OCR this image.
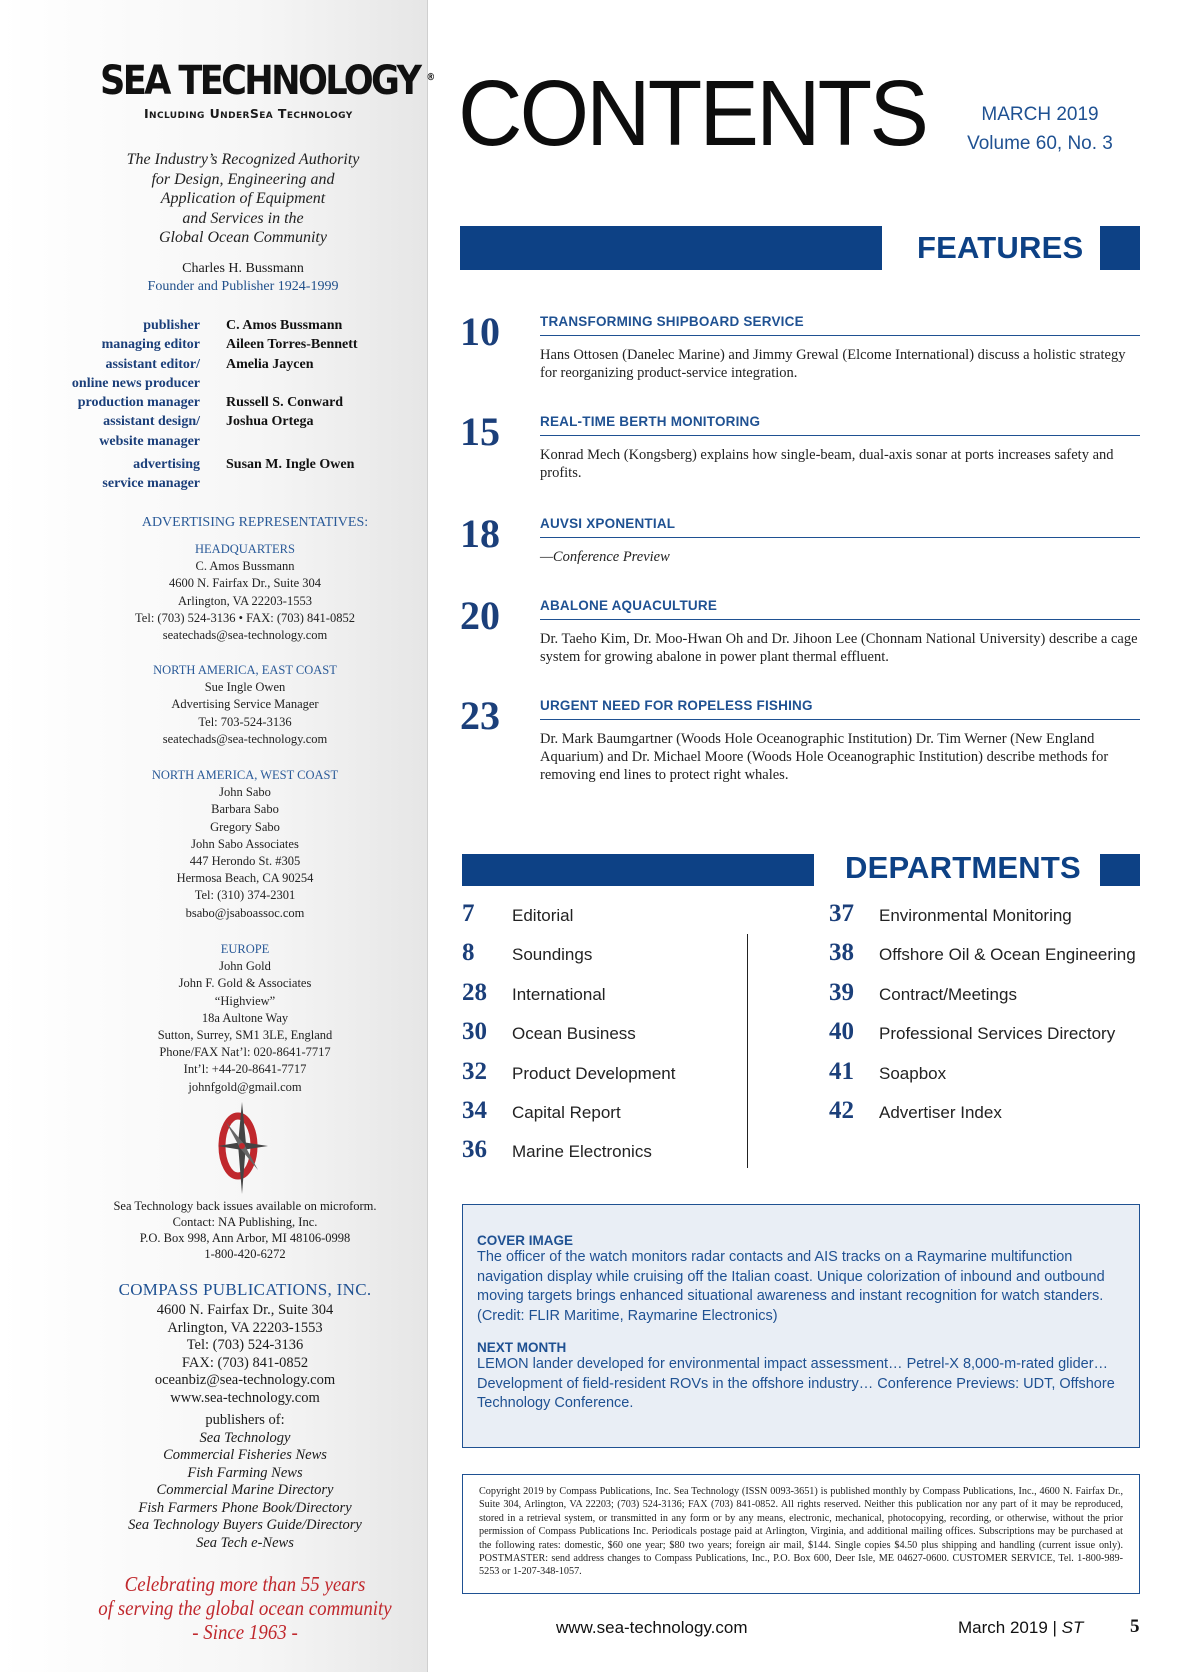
SEA TECHNOLOGY ®
Including UnderSea Technology
The Industry’s Recognized Authority
for Design, Engineering and
Application of Equipment
and Services in the
Global Ocean Community
Charles H. Bussmann
Founder and Publisher 1924-1999
publisher	C. Amos Bussmann
managing editor	Aileen Torres-Bennett
assistant editor/	Amelia Jaycen
online news producer
production manager	Russell S. Conward
assistant design/	Joshua Ortega
website manager
advertising	Susan M. Ingle Owen
service manager
ADVERTISING REPRESENTATIVES:
HEADQUARTERS
C. Amos Bussmann
4600 N. Fairfax Dr., Suite 304
Arlington, VA 22203-1553
Tel: (703) 524-3136 • FAX: (703) 841-0852
seatechads@sea-technology.com
NORTH AMERICA, EAST COAST
Sue Ingle Owen
Advertising Service Manager
Tel: 703-524-3136
seatechads@sea-technology.com
NORTH AMERICA, WEST COAST
John Sabo
Barbara Sabo
Gregory Sabo
John Sabo Associates
447 Herondo St. #305
Hermosa Beach, CA 90254
Tel: (310) 374-2301
bsabo@jsaboassoc.com
EUROPE
John Gold
John F. Gold & Associates
“Highview”
18a Aultone Way
Sutton, Surrey, SM1 3LE, England
Phone/FAX Nat’l: 020-8641-7717
Int’l: +44-20-8641-7717
johnfgold@gmail.com
Sea Technology back issues available on microform.
Contact: NA Publishing, Inc.
P.O. Box 998, Ann Arbor, MI 48106-0998
1-800-420-6272
COMPASS PUBLICATIONS, INC.
4600 N. Fairfax Dr., Suite 304
Arlington, VA 22203-1553
Tel: (703) 524-3136
FAX: (703) 841-0852
oceanbiz@sea-technology.com
www.sea-technology.com
publishers of:
Sea Technology
Commercial Fisheries News
Fish Farming News
Commercial Marine Directory
Fish Farmers Phone Book/Directory
Sea Technology Buyers Guide/Directory
Sea Tech e-News
Celebrating more than 55 years
of serving the global ocean community
- Since 1963 -
CONTENTS	MARCH 2019
Volume 60, No. 3
FEATURES
10	TRANSFORMING SHIPBOARD SERVICE
Hans Ottosen (Danelec Marine) and Jimmy Grewal (Elcome International) discuss a holistic strategy for reorganizing product-service integration.
15	REAL-TIME BERTH MONITORING
Konrad Mech (Kongsberg) explains how single-beam, dual-axis sonar at ports increases safety and profits.
18	AUVSI XPONENTIAL
—Conference Preview
20	ABALONE AQUACULTURE
Dr. Taeho Kim, Dr. Moo-Hwan Oh and Dr. Jihoon Lee (Chonnam National University) describe a cage system for growing abalone in power plant thermal effluent.
23	URGENT NEED FOR ROPELESS FISHING
Dr. Mark Baumgartner (Woods Hole Oceanographic Institution) Dr. Tim Werner (New England Aquarium) and Dr. Michael Moore (Woods Hole Oceanographic Institution) describe methods for removing end lines to protect right whales.
DEPARTMENTS
7	Editorial
8	Soundings
28	International
30	Ocean Business
32	Product Development
34	Capital Report
36	Marine Electronics
37	Environmental Monitoring
38	Offshore Oil & Ocean Engineering
39	Contract/Meetings
40	Professional Services Directory
41	Soapbox
42	Advertiser Index
COVER IMAGE
The officer of the watch monitors radar contacts and AIS tracks on a Raymarine multifunction navigation display while cruising off the Italian coast. Unique colorization of inbound and outbound moving targets brings enhanced situational awareness and instant recognition for watch standers. (Credit: FLIR Maritime, Raymarine Electronics)
NEXT MONTH
LEMON lander developed for environmental impact assessment… Petrel-X 8,000-m-rated glider… Development of field-resident ROVs in the offshore industry… Conference Previews: UDT, Offshore Technology Conference.
Copyright 2019 by Compass Publications, Inc. Sea Technology (ISSN 0093-3651) is published monthly by Compass Publications, Inc., 4600 N. Fairfax Dr., Suite 304, Arlington, VA 22203; (703) 524-3136; FAX (703) 841-0852. All rights reserved. Neither this publication nor any part of it may be reproduced, stored in a retrieval system, or transmitted in any form or by any means, electronic, mechanical, photocopying, recording, or otherwise, without the prior permission of Compass Publications Inc. Periodicals postage paid at Arlington, Virginia, and additional mailing offices. Subscriptions may be purchased at the following rates: domestic, $60 one year; $80 two years; foreign air mail, $144. Single copies $4.50 plus shipping and handling (current issue only). POSTMASTER: send address changes to Compass Publications, Inc., P.O. Box 600, Deer Isle, ME 04627-0600. CUSTOMER SERVICE, Tel. 1-800-989-5253 or 1-207-348-1057.
www.sea-technology.com	March 2019 | ST 5
